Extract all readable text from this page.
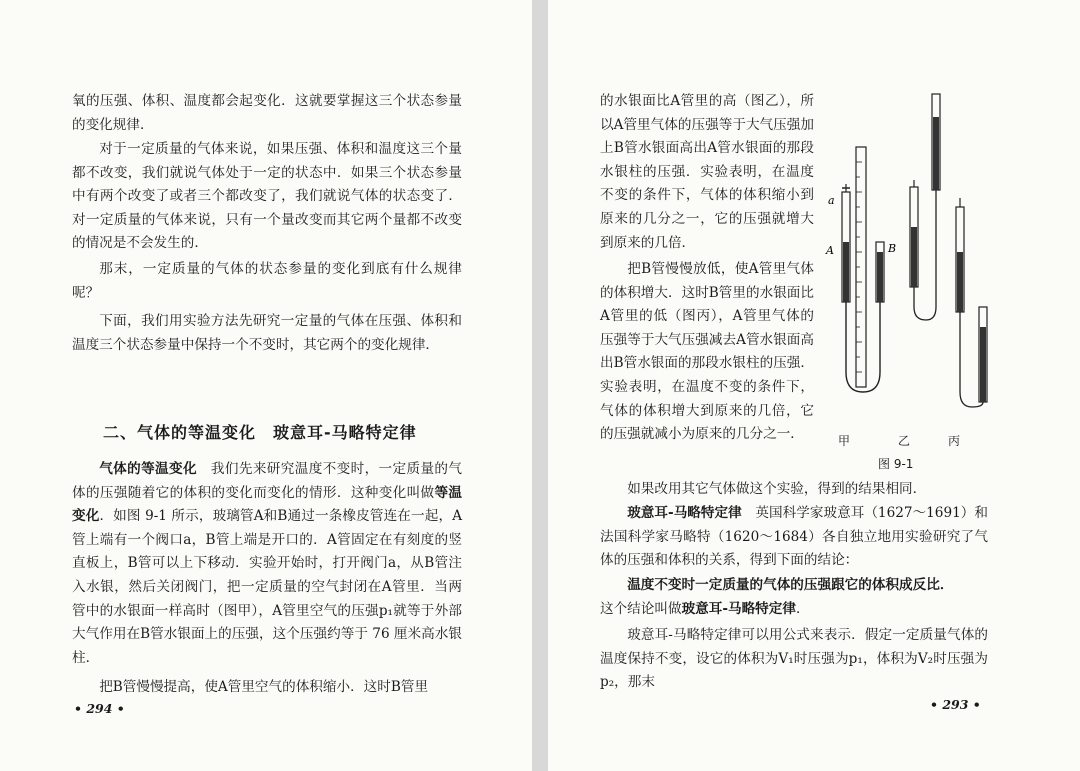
氧的压强、体积、温度都会起变化．这就要掌握这三个状态参量的变化规律．

对于一定质量的气体来说，如果压强、体积和温度这三个量都不改变，我们就说气体处于一定的状态中．如果三个状态参量中有两个改变了或者三个都改变了，我们就说气体的状态变了．对一定质量的气体来说，只有一个量改变而其它两个量都不改变的情况是不会发生的．

那末，一定质量的气体的状态参量的变化到底有什么规律呢？

下面，我们用实验方法先研究一定量的气体在压强、体积和温度三个状态参量中保持一个不变时，其它两个的变化规律．

二、气体的等温变化　玻意耳-马略特定律

气体的等温变化　我们先来研究温度不变时，一定质量的气体的压强随着它的体积的变化而变化的情形．这种变化叫做等温变化．如图 9-1 所示，玻璃管A和B通过一条橡皮管连在一起，A管上端有一个阀口a，B管上端是开口的．A管固定在有刻度的竖直板上，B管可以上下移动．实验开始时，打开阀门a，从B管注入水银，然后关闭阀门，把一定质量的空气封闭在A管里．当两管中的水银面一样高时（图甲），A管里空气的压强p₁就等于外部大气作用在B管水银面上的压强，这个压强约等于 76 厘米高水银柱．

把B管慢慢提高，使A管里空气的体积缩小．这时B管里

• 294 •

的水银面比A管里的高（图乙），所以A管里气体的压强等于大气压强加上B管水银面高出A管水银面的那段水银柱的压强．实验表明，在温度不变的条件下，气体的体积缩小到原来的几分之一，它的压强就增大到原来的几倍．

把B管慢慢放低，使A管里气体的体积增大．这时B管里的水银面比A管里的低（图丙），A管里气体的压强等于大气压强减去A管水银面高出B管水银面的那段水银柱的压强．实验表明，在温度不变的条件下，气体的体积增大到原来的几倍，它的压强就减小为原来的几分之一．

a
A	B
甲	乙	丙
图 9-1

如果改用其它气体做这个实验，得到的结果相同．

玻意耳-马略特定律　英国科学家玻意耳（1627～1691）和法国科学家马略特（1620～1684）各自独立地用实验研究了气体的压强和体积的关系，得到下面的结论：

温度不变时一定质量的气体的压强跟它的体积成反比．

这个结论叫做玻意耳-马略特定律．

玻意耳-马略特定律可以用公式来表示．假定一定质量气体的温度保持不变，设它的体积为V₁时压强为p₁，体积为V₂时压强为p₂，那末

• 293 •
